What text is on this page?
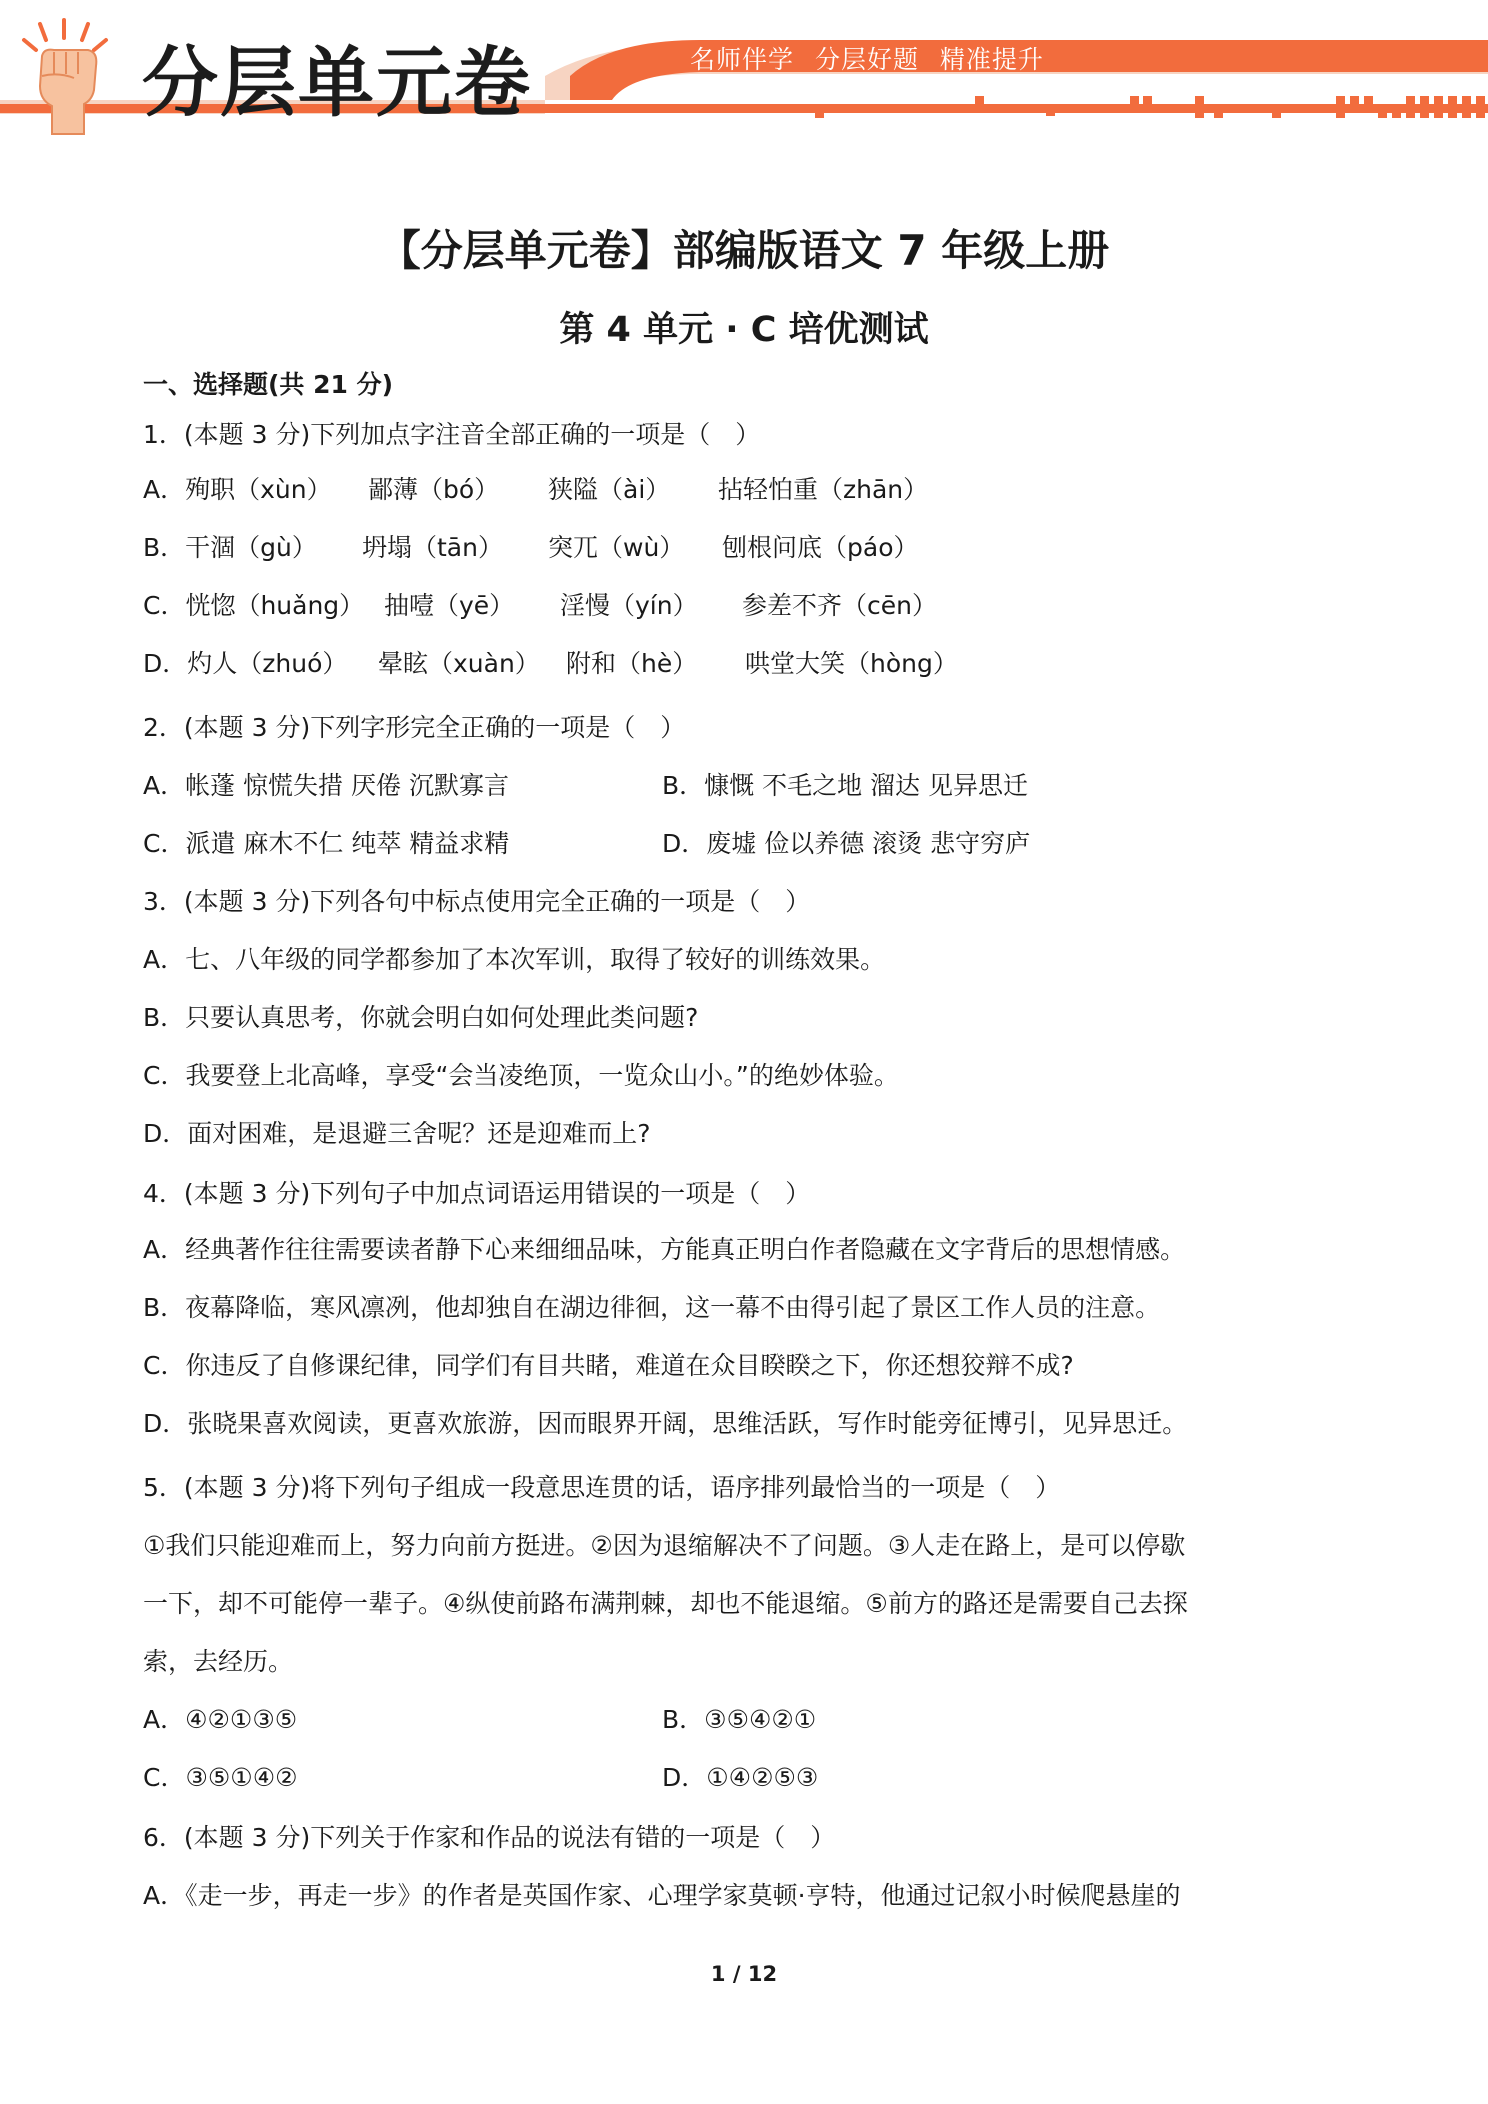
分层单元卷	名师伴学 分层好题 精准提升
【分层单元卷】部编版语文 7 年级上册
第 4 单元 · C 培优测试
一、选择题(共 21 分)
1．(本题 3 分)下列加点字注音全部正确的一项是（　）
A．殉职（xùn） 鄙薄（bó） 狭隘（ài） 拈轻怕重（zhān）
B．干涸（gù） 坍塌（tān） 突兀（wù） 刨根问底（páo）
C．恍惚（huǎng） 抽噎（yē） 淫慢（yín） 参差不齐（cēn）
D．灼人（zhuó） 晕眩（xuàn） 附和（hè） 哄堂大笑（hòng）
2．(本题 3 分)下列字形完全正确的一项是（　）
A．帐蓬 惊慌失措 厌倦 沉默寡言	B．慷慨 不毛之地 溜达 见异思迁
C．派遣 麻木不仁 纯萃 精益求精	D．废墟 俭以养德 滚烫 悲守穷庐
3．(本题 3 分)下列各句中标点使用完全正确的一项是（　）
A．七、八年级的同学都参加了本次军训，取得了较好的训练效果。
B．只要认真思考，你就会明白如何处理此类问题?
C．我要登上北高峰，享受“会当凌绝顶，一览众山小。”的绝妙体验。
D．面对困难，是退避三舍呢？还是迎难而上?
4．(本题 3 分)下列句子中加点词语运用错误的一项是（　）
A．经典著作往往需要读者静下心来细细品味，方能真正明白作者隐藏在文字背后的思想情感。
B．夜幕降临，寒风凛冽，他却独自在湖边徘徊，这一幕不由得引起了景区工作人员的注意。
C．你违反了自修课纪律，同学们有目共睹，难道在众目睽睽之下，你还想狡辩不成?
D．张晓果喜欢阅读，更喜欢旅游，因而眼界开阔，思维活跃，写作时能旁征博引，见异思迁。
5．(本题 3 分)将下列句子组成一段意思连贯的话，语序排列最恰当的一项是（　）
①我们只能迎难而上，努力向前方挺进。②因为退缩解决不了问题。③人走在路上，是可以停歇
一下，却不可能停一辈子。④纵使前路布满荆棘，却也不能退缩。⑤前方的路还是需要自己去探
索，去经历。
A．④②①③⑤	B．③⑤④②①
C．③⑤①④②	D．①④②⑤③
6．(本题 3 分)下列关于作家和作品的说法有错的一项是（　）
A．《走一步，再走一步》的作者是英国作家、心理学家莫顿·亨特，他通过记叙小时候爬悬崖的
1 / 12
